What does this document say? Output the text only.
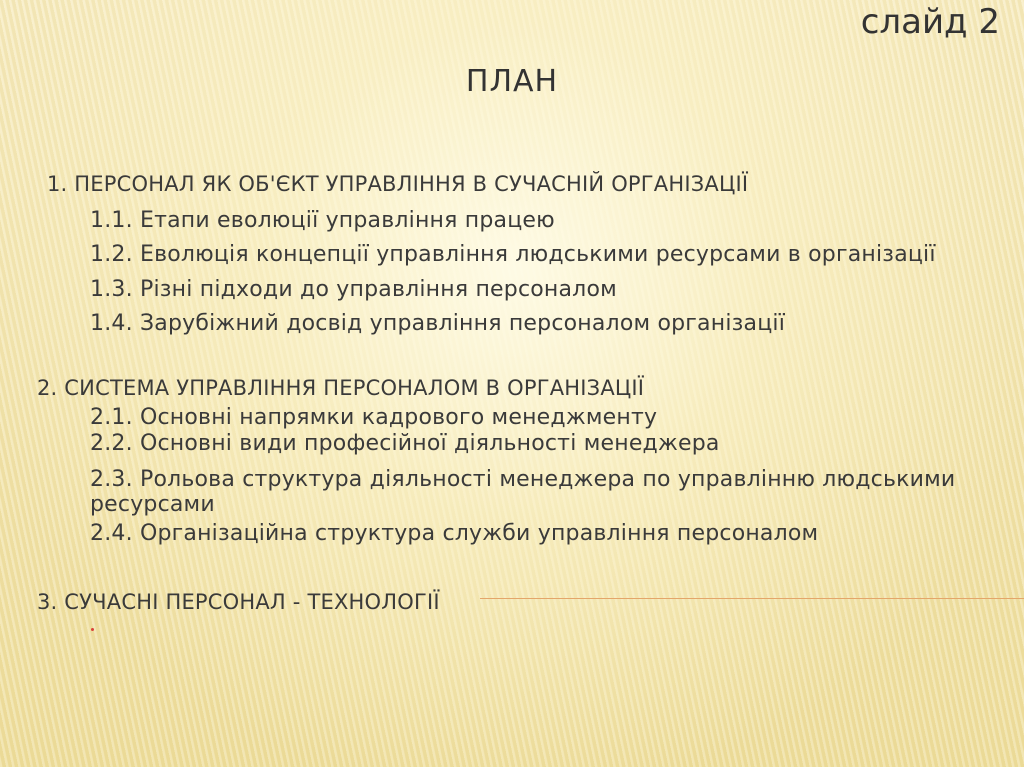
слайд 2
ПЛАН
1. ПЕРСОНАЛ ЯК ОБ'ЄКТ УПРАВЛІННЯ В СУЧАСНІЙ ОРГАНІЗАЦІЇ
1.1. Етапи еволюції управління працею
1.2. Еволюція концепції управління людськими ресурсами в організації
1.3. Різні підходи до управління персоналом
1.4. Зарубіжний досвід управління персоналом організації
2. СИСТЕМА УПРАВЛІННЯ ПЕРСОНАЛОМ В ОРГАНІЗАЦІЇ
2.1. Основні напрямки кадрового менеджменту
2.2. Основні види професійної діяльності менеджера
2.3. Рольова структура діяльності менеджера по управлінню людськими
ресурсами
2.4. Організаційна структура служби управління персоналом
3. СУЧАСНІ ПЕРСОНАЛ - ТЕХНОЛОГІЇ
